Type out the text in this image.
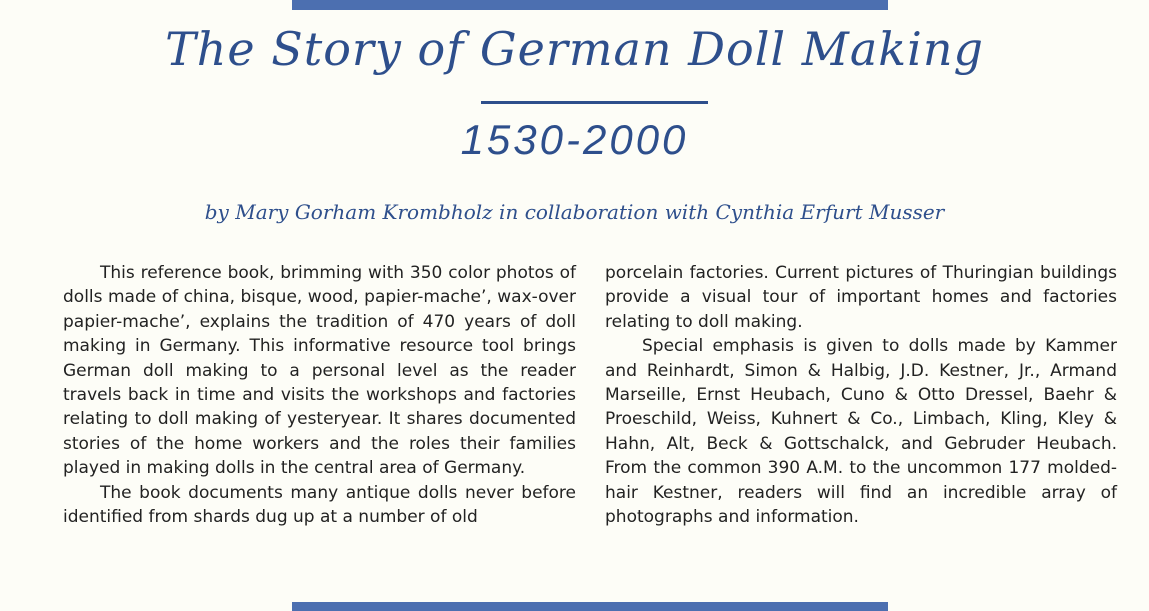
The Story of German Doll Making
1530-2000
by Mary Gorham Krombholz in collaboration with Cynthia Erfurt Musser

This reference book, brimming with 350 color photos of dolls made of china, bisque, wood, papier-mache’, wax-over papier-mache’, explains the tradition of 470 years of doll making in Germany. This informative resource tool brings German doll making to a personal level as the reader travels back in time and visits the workshops and factories relating to doll making of yesteryear. It shares documented stories of the home workers and the roles their families played in making dolls in the central area of Germany.

The book documents many antique dolls never before identified from shards dug up at a number of old

porcelain factories. Current pictures of Thuringian buildings provide a visual tour of important homes and factories relating to doll making.

Special emphasis is given to dolls made by Kammer and Reinhardt, Simon & Halbig, J.D. Kestner, Jr., Armand Marseille, Ernst Heubach, Cuno & Otto Dressel, Baehr & Proeschild, Weiss, Kuhnert & Co., Limbach, Kling, Kley & Hahn, Alt, Beck & Gottschalck, and Gebruder Heubach. From the common 390 A.M. to the uncommon 177 molded-hair Kestner, readers will find an incredible array of photographs and information.
